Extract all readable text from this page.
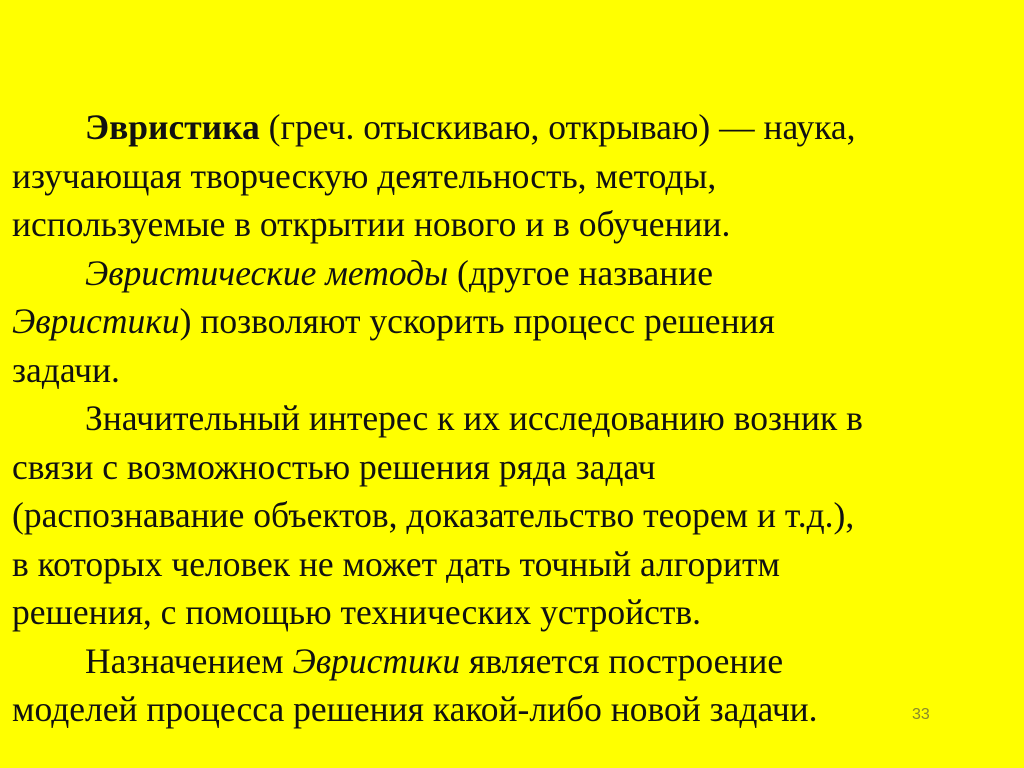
Эвристика (греч. отыскиваю, открываю) — наука,
изучающая творческую деятельность, методы,
используемые в открытии нового и в обучении.
Эвристические методы (другое название
Эвристики) позволяют ускорить процесс решения
задачи.
Значительный интерес к их исследованию возник в
связи с возможностью решения ряда задач
(распознавание объектов, доказательство теорем и т.д.),
в которых человек не может дать точный алгоритм
решения, с помощью технических устройств.
Назначением Эвристики является построение
моделей процесса решения какой-либо новой задачи.	33
